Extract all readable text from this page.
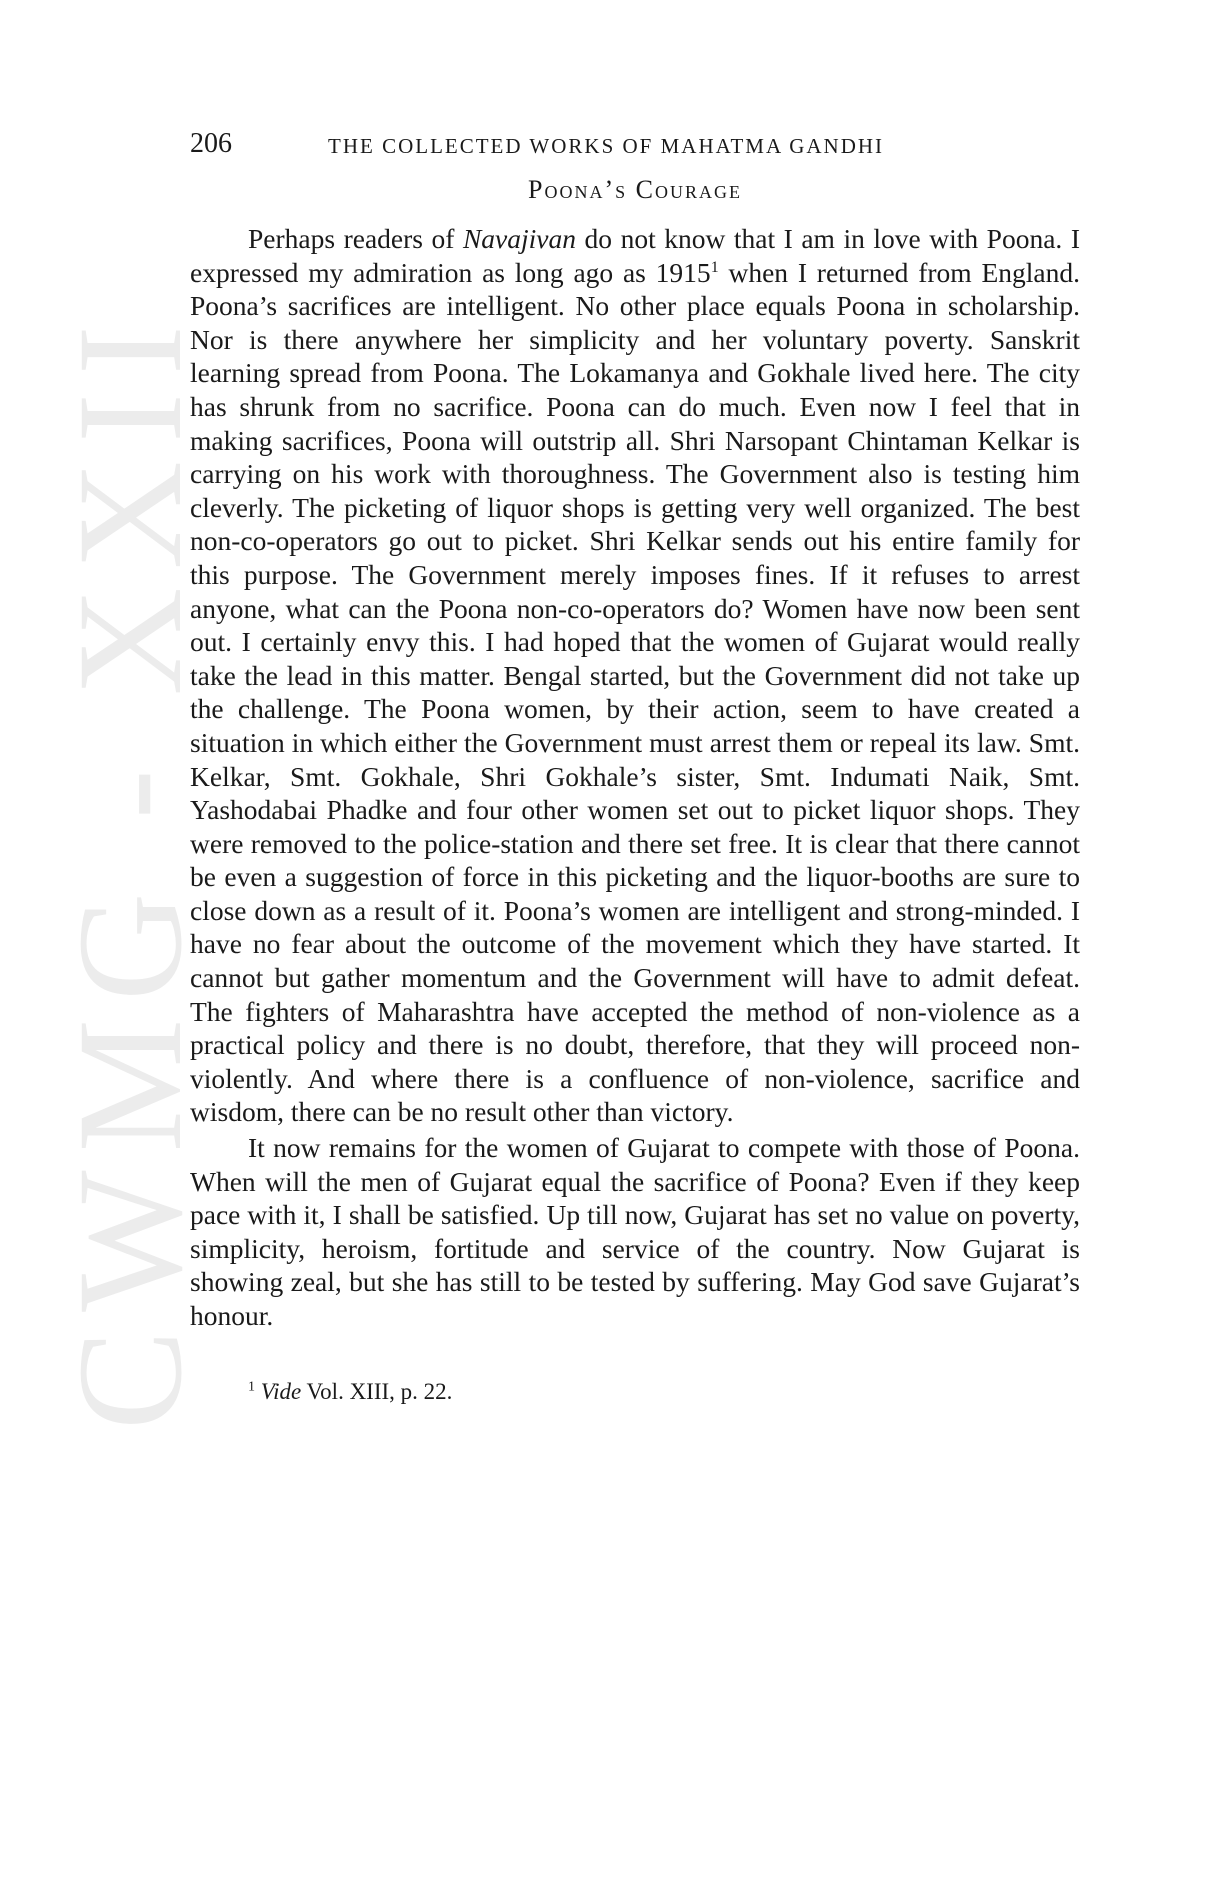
CWMG - XXII
206	THE COLLECTED WORKS OF MAHATMA GANDHI
Poona’s Courage

Perhaps readers of Navajivan do not know that I am in love with Poona. I expressed my admiration as long ago as 1915$^1$ when I returned from England. Poona’s sacrifices are intelligent. No other place equals Poona in scholarship. Nor is there anywhere her simplicity and her voluntary poverty. Sanskrit learning spread from Poona. The Lokamanya and Gokhale lived here. The city has shrunk from no sacrifice. Poona can do much. Even now I feel that in making sacrifices, Poona will outstrip all. Shri Narsopant Chintaman Kelkar is carrying on his work with thoroughness. The Government also is testing him cleverly. The picketing of liquor shops is getting very well organized. The best non-co-operators go out to picket. Shri Kelkar sends out his entire family for this purpose. The Government merely imposes fines. If it refuses to arrest anyone, what can the Poona non-co-operators do? Women have now been sent out. I certainly envy this. I had hoped that the women of Gujarat would really take the lead in this matter. Bengal started, but the Government did not take up the challenge. The Poona women, by their action, seem to have created a situation in which either the Government must arrest them or repeal its law. Smt. Kelkar, Smt. Gokhale, Shri Gokhale’s sister, Smt. Indumati Naik, Smt. Yashodabai Phadke and four other women set out to picket liquor shops. They were removed to the police-station and there set free. It is clear that there cannot be even a suggestion of force in this picketing and the liquor-booths are sure to close down as a result of it. Poona’s women are intelligent and strong-minded. I have no fear about the outcome of the movement which they have started. It cannot but gather momentum and the Government will have to admit defeat. The fighters of Maharashtra have accepted the method of non-violence as a practical policy and there is no doubt, therefore, that they will proceed non-violently. And where there is a confluence of non-violence, sacrifice and wisdom, there can be no result other than victory.

It now remains for the women of Gujarat to compete with those of Poona. When will the men of Gujarat equal the sacrifice of Poona? Even if they keep pace with it, I shall be satisfied. Up till now, Gujarat has set no value on poverty, simplicity, heroism, fortitude and service of the country. Now Gujarat is showing zeal, but she has still to be tested by suffering. May God save Gujarat’s honour.

$^1$ Vide Vol. XIII, p. 22.
